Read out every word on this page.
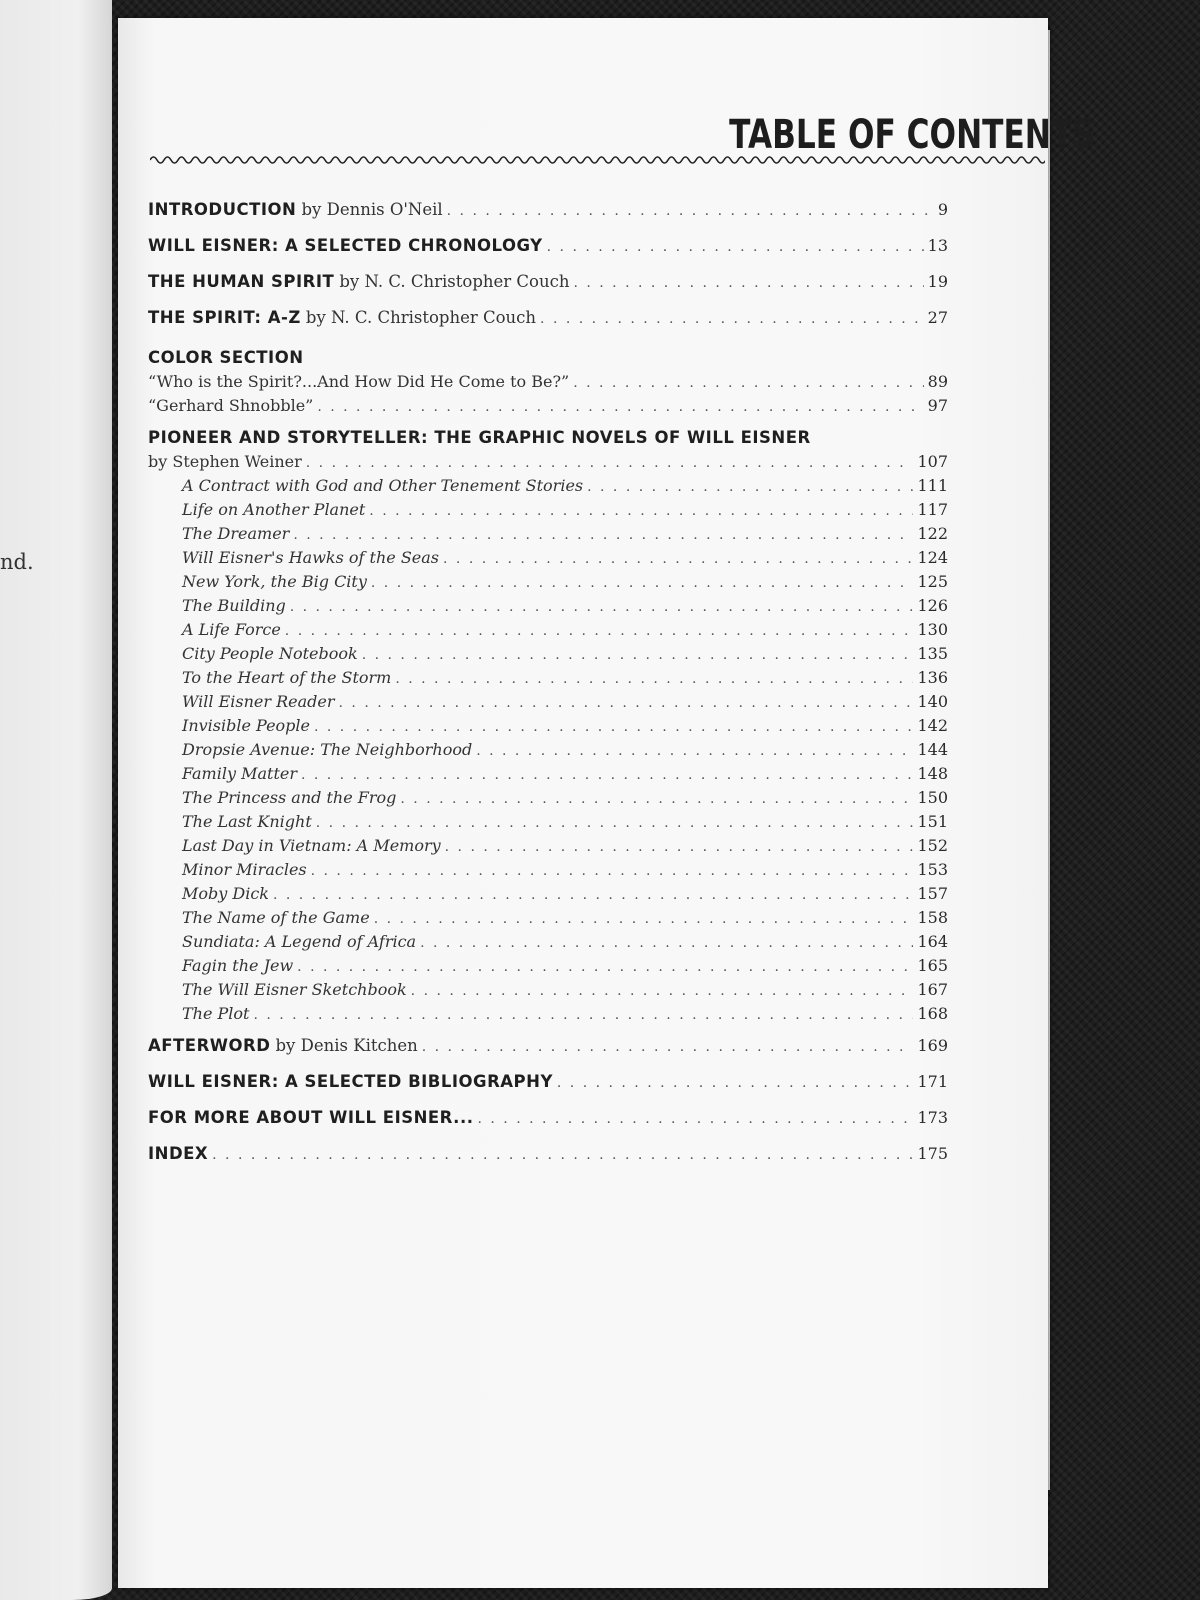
nd.
TABLE OF CONTENTS
INTRODUCTION by Dennis O'Neil . . .	9
WILL EISNER: A SELECTED CHRONOLOGY . . .	13
THE HUMAN SPIRIT by N. C. Christopher Couch . . .	19
THE SPIRIT: A-Z by N. C. Christopher Couch . . .	27
COLOR SECTION
“Who is the Spirit?...And How Did He Come to Be?” . . .	89
“Gerhard Shnobble” . . .	97
PIONEER AND STORYTELLER: THE GRAPHIC NOVELS OF WILL EISNER
by Stephen Weiner . . .	107
A Contract with God and Other Tenement Stories . . .	111
Life on Another Planet . . .	117
The Dreamer . . .	122
Will Eisner's Hawks of the Seas . . .	124
New York, the Big City . . .	125
The Building . . .	126
A Life Force . . .	130
City People Notebook . . .	135
To the Heart of the Storm . . .	136
Will Eisner Reader . . .	140
Invisible People . . .	142
Dropsie Avenue: The Neighborhood . . .	144
Family Matter . . .	148
The Princess and the Frog . . .	150
The Last Knight . . .	151
Last Day in Vietnam: A Memory . . .	152
Minor Miracles . . .	153
Moby Dick . . .	157
The Name of the Game . . .	158
Sundiata: A Legend of Africa . . .	164
Fagin the Jew . . .	165
The Will Eisner Sketchbook . . .	167
The Plot . . .	168
AFTERWORD by Denis Kitchen . . .	169
WILL EISNER: A SELECTED BIBLIOGRAPHY . . .	171
FOR MORE ABOUT WILL EISNER... . . .	173
INDEX . . .	175
